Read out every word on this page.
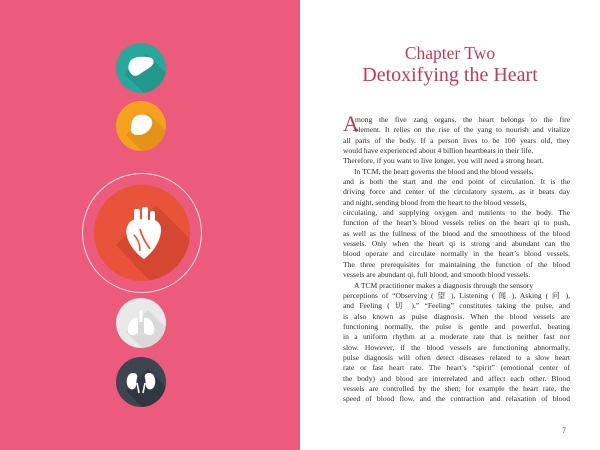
Chapter Two
Detoxifying the Heart
A
mong the five zang organs, the heart belongs to the fire
element. It relies on the rise of the yang to nourish and vitalize
all parts of the body. If a person lives to be 100 years old, they
would have experienced about 4 billion heartbeats in their life.
Therefore, if you want to live longer, you will need a strong heart.
In TCM, the heart governs the blood and the blood vessels,
and is both the start and the end point of circulation. It is the
driving force and center of the circulatory system, as it beats day
and night, sending blood from the heart to the blood vessels,
circulating, and supplying oxygen and nutrients to the body. The
function of the heart’s blood vessels relies on the heart qi to push,
as well as the fullness of the blood and the smoothness of the blood
vessels. Only when the heart qi is strong and abundant can the
blood operate and circulate normally in the heart’s blood vessels.
The three prerequisites for maintaining the function of the blood
vessels are abundant qi, full blood, and smooth blood vessels.
A TCM practitioner makes a diagnosis through the sensory
perceptions of “Observing ( 望 ), Listening ( 闻 ), Asking ( 问 ),
and Feeling ( 切 ).” “Feeling” constitutes taking the pulse, and
is also known as pulse diagnosis. When the blood vessels are
functioning normally, the pulse is gentle and powerful, beating
in a uniform rhythm at a moderate rate that is neither fast nor
slow. However, if the blood vessels are functioning abnormally,
pulse diagnosis will often detect diseases related to a slow heart
rate or fast heart rate. The heart’s “spirit” (emotional center of
the body) and blood are interrelated and affect each other. Blood
vessels are controlled by the shen; for example the heart rate, the
speed of blood flow, and the contraction and relaxation of blood
7
